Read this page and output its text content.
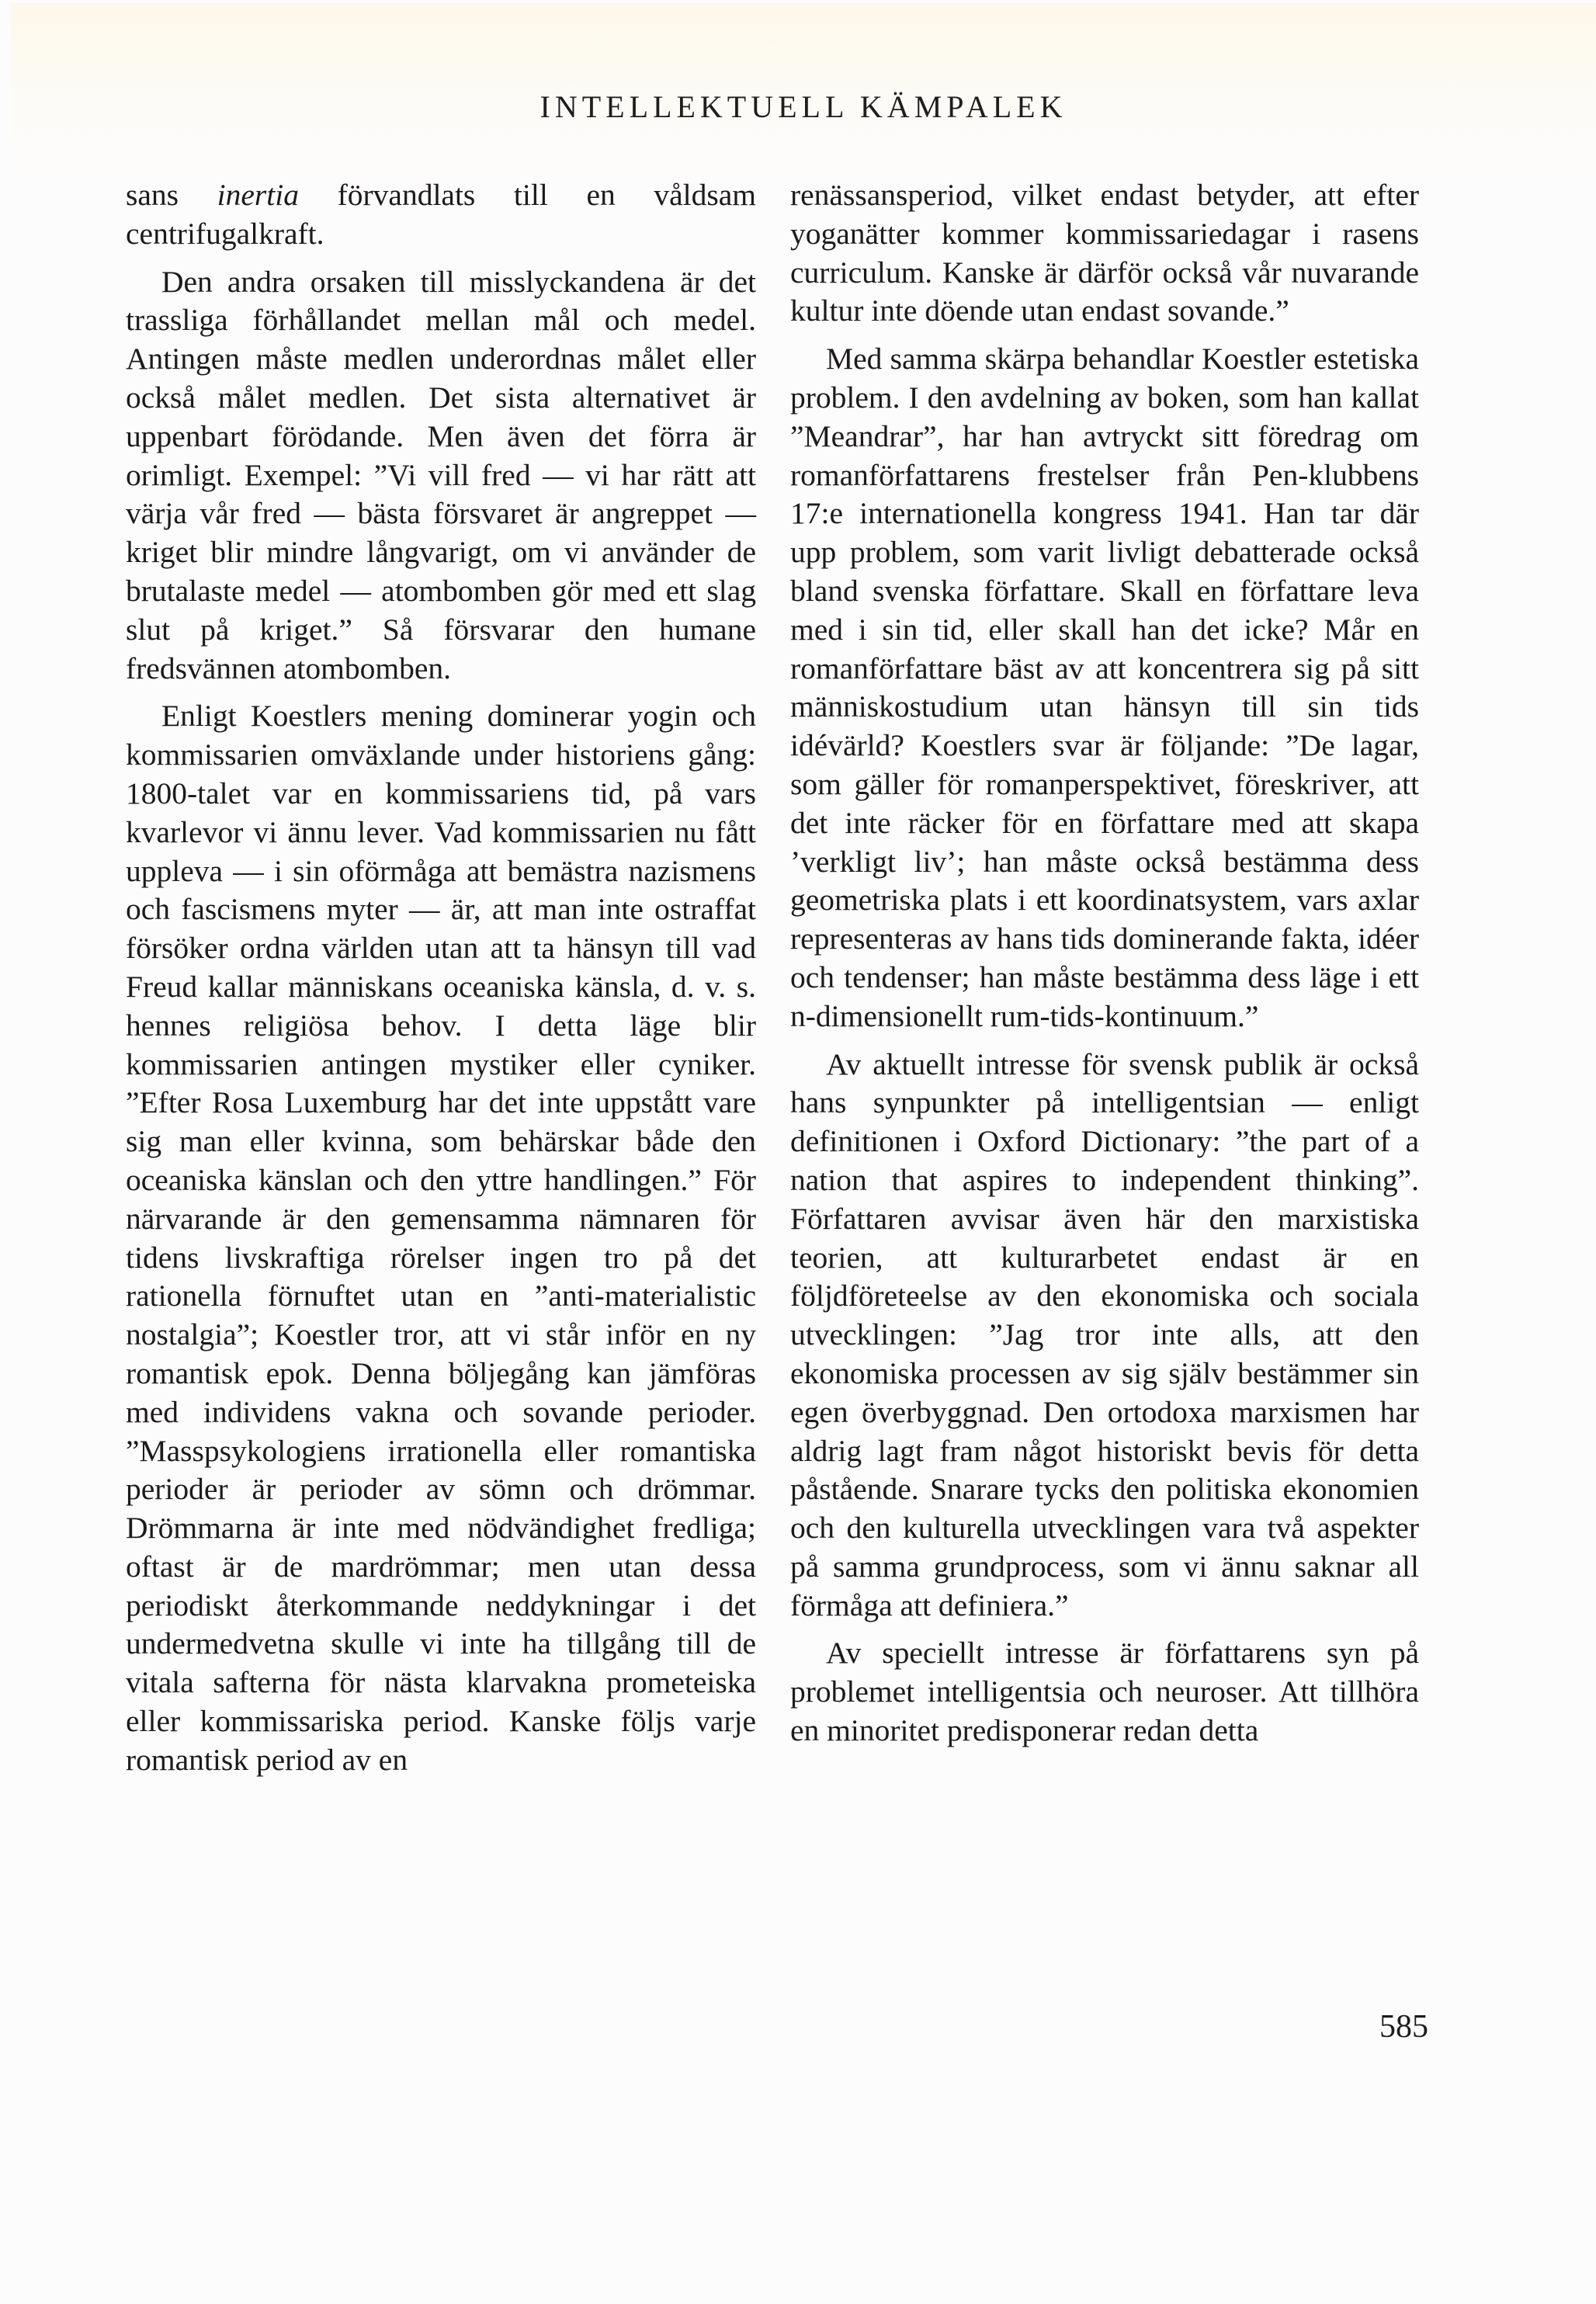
INTELLEKTUELL KÄMPALEK

sans inertia förvandlats till en våldsam centrifugalkraft.

Den andra orsaken till misslyckandena är det trassliga förhållandet mellan mål och medel. Antingen måste medlen underordnas målet eller också målet medlen. Det sista alternativet är uppenbart förödande. Men även det förra är orimligt. Exempel: ”Vi vill fred — vi har rätt att värja vår fred — bästa försvaret är angreppet — kriget blir mindre långvarigt, om vi använder de brutalaste medel — atombomben gör med ett slag slut på kriget.” Så försvarar den humane fredsvännen atombomben.

Enligt Koestlers mening dominerar yogin och kommissarien omväxlande under historiens gång: 1800-talet var en kommissariens tid, på vars kvarlevor vi ännu lever. Vad kommissarien nu fått uppleva — i sin oförmåga att bemästra nazismens och fascismens myter — är, att man inte ostraffat försöker ordna världen utan att ta hänsyn till vad Freud kallar människans oceaniska känsla, d. v. s. hennes religiösa behov. I detta läge blir kommissarien antingen mystiker eller cyniker. ”Efter Rosa Luxemburg har det inte uppstått vare sig man eller kvinna, som behärskar både den oceaniska känslan och den yttre handlingen.” För närvarande är den gemensamma nämnaren för tidens livskraftiga rörelser ingen tro på det rationella förnuftet utan en ”anti-materialistic nostalgia”; Koestler tror, att vi står inför en ny romantisk epok. Denna böljegång kan jämföras med individens vakna och sovande perioder. ”Masspsykologiens irrationella eller romantiska perioder är perioder av sömn och drömmar. Drömmarna är inte med nödvändighet fredliga; oftast är de mardrömmar; men utan dessa periodiskt återkommande neddykningar i det undermedvetna skulle vi inte ha tillgång till de vitala safterna för nästa klarvakna prometeiska eller kommissariska period. Kanske följs varje romantisk period av en

renässansperiod, vilket endast betyder, att efter yoganätter kommer kommissariedagar i rasens curriculum. Kanske är därför också vår nuvarande kultur inte döende utan endast sovande.”

Med samma skärpa behandlar Koestler estetiska problem. I den avdelning av boken, som han kallat ”Meandrar”, har han avtryckt sitt föredrag om romanförfattarens frestelser från Pen-klubbens 17:e internationella kongress 1941. Han tar där upp problem, som varit livligt debatterade också bland svenska författare. Skall en författare leva med i sin tid, eller skall han det icke? Mår en romanförfattare bäst av att koncentrera sig på sitt människostudium utan hänsyn till sin tids idévärld? Koestlers svar är följande: ”De lagar, som gäller för romanperspektivet, föreskriver, att det inte räcker för en författare med att skapa ’verkligt liv’; han måste också bestämma dess geometriska plats i ett koordinatsystem, vars axlar representeras av hans tids dominerande fakta, idéer och tendenser; han måste bestämma dess läge i ett n-dimensionellt rum-tids-kontinuum.”

Av aktuellt intresse för svensk publik är också hans synpunkter på intelligentsian — enligt definitionen i Oxford Dictionary: ”the part of a nation that aspires to independent thinking”. Författaren avvisar även här den marxistiska teorien, att kulturarbetet endast är en följdföreteelse av den ekonomiska och sociala utvecklingen: ”Jag tror inte alls, att den ekonomiska processen av sig själv bestämmer sin egen överbyggnad. Den ortodoxa marxismen har aldrig lagt fram något historiskt bevis för detta påstående. Snarare tycks den politiska ekonomien och den kulturella utvecklingen vara två aspekter på samma grundprocess, som vi ännu saknar all förmåga att definiera.”

Av speciellt intresse är författarens syn på problemet intelligentsia och neuroser. Att tillhöra en minoritet predisponerar redan detta

585
